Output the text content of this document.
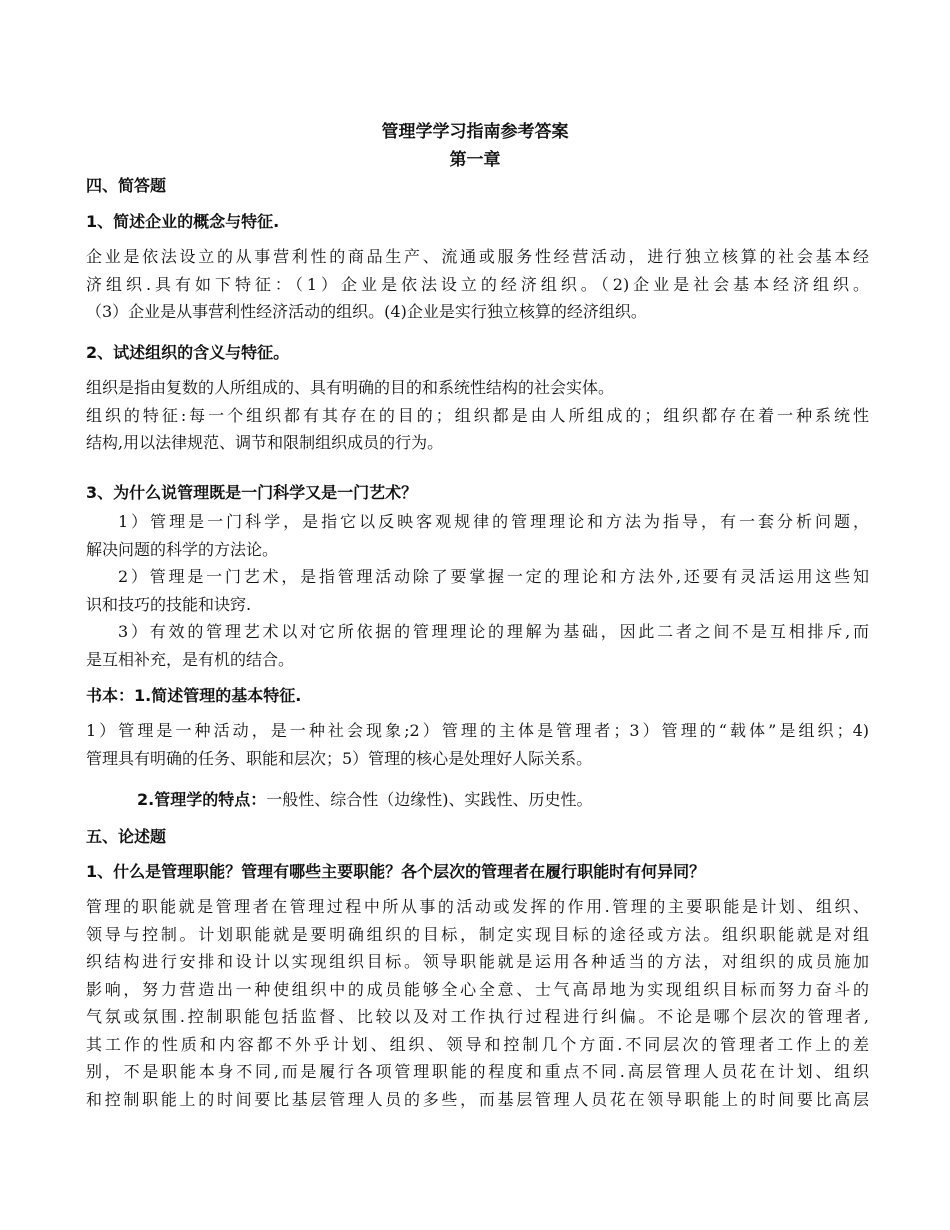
管理学学习指南参考答案
第一章
四、简答题
1、简述企业的概念与特征.
企业是依法设立的从事营利性的商品生产、流通或服务性经营活动，进行独立核算的社会基本经
济组织.具有如下特征：（1）企业是依法设立的经济组织。（2)企业是社会基本经济组织。
（3）企业是从事营利性经济活动的组织。(4)企业是实行独立核算的经济组织。
2、试述组织的含义与特征。
组织是指由复数的人所组成的、具有明确的目的和系统性结构的社会实体。
组织的特征:每一个组织都有其存在的目的；组织都是由人所组成的；组织都存在着一种系统性
结构,用以法律规范、调节和限制组织成员的行为。
3、为什么说管理既是一门科学又是一门艺术？
1）管理是一门科学，是指它以反映客观规律的管理理论和方法为指导，有一套分析问题，
解决问题的科学的方法论。
2）管理是一门艺术，是指管理活动除了要掌握一定的理论和方法外,还要有灵活运用这些知
识和技巧的技能和诀窍.
3）有效的管理艺术以对它所依据的管理理论的理解为基础，因此二者之间不是互相排斥,而
是互相补充，是有机的结合。
书本：1.简述管理的基本特征.
1）管理是一种活动，是一种社会现象;2）管理的主体是管理者；3）管理的“载体”是组织；4)
管理具有明确的任务、职能和层次；5）管理的核心是处理好人际关系。
2.管理学的特点：一般性、综合性（边缘性)、实践性、历史性。
五、论述题
1、什么是管理职能？管理有哪些主要职能？各个层次的管理者在履行职能时有何异同？
管理的职能就是管理者在管理过程中所从事的活动或发挥的作用.管理的主要职能是计划、组织、
领导与控制。计划职能就是要明确组织的目标，制定实现目标的途径或方法。组织职能就是对组
织结构进行安排和设计以实现组织目标。领导职能就是运用各种适当的方法，对组织的成员施加
影响，努力营造出一种使组织中的成员能够全心全意、士气高昂地为实现组织目标而努力奋斗的
气氛或氛围.控制职能包括监督、比较以及对工作执行过程进行纠偏。不论是哪个层次的管理者,
其工作的性质和内容都不外乎计划、组织、领导和控制几个方面.不同层次的管理者工作上的差
别，不是职能本身不同,而是履行各项管理职能的程度和重点不同.高层管理人员花在计划、组织
和控制职能上的时间要比基层管理人员的多些，而基层管理人员花在领导职能上的时间要比高层
